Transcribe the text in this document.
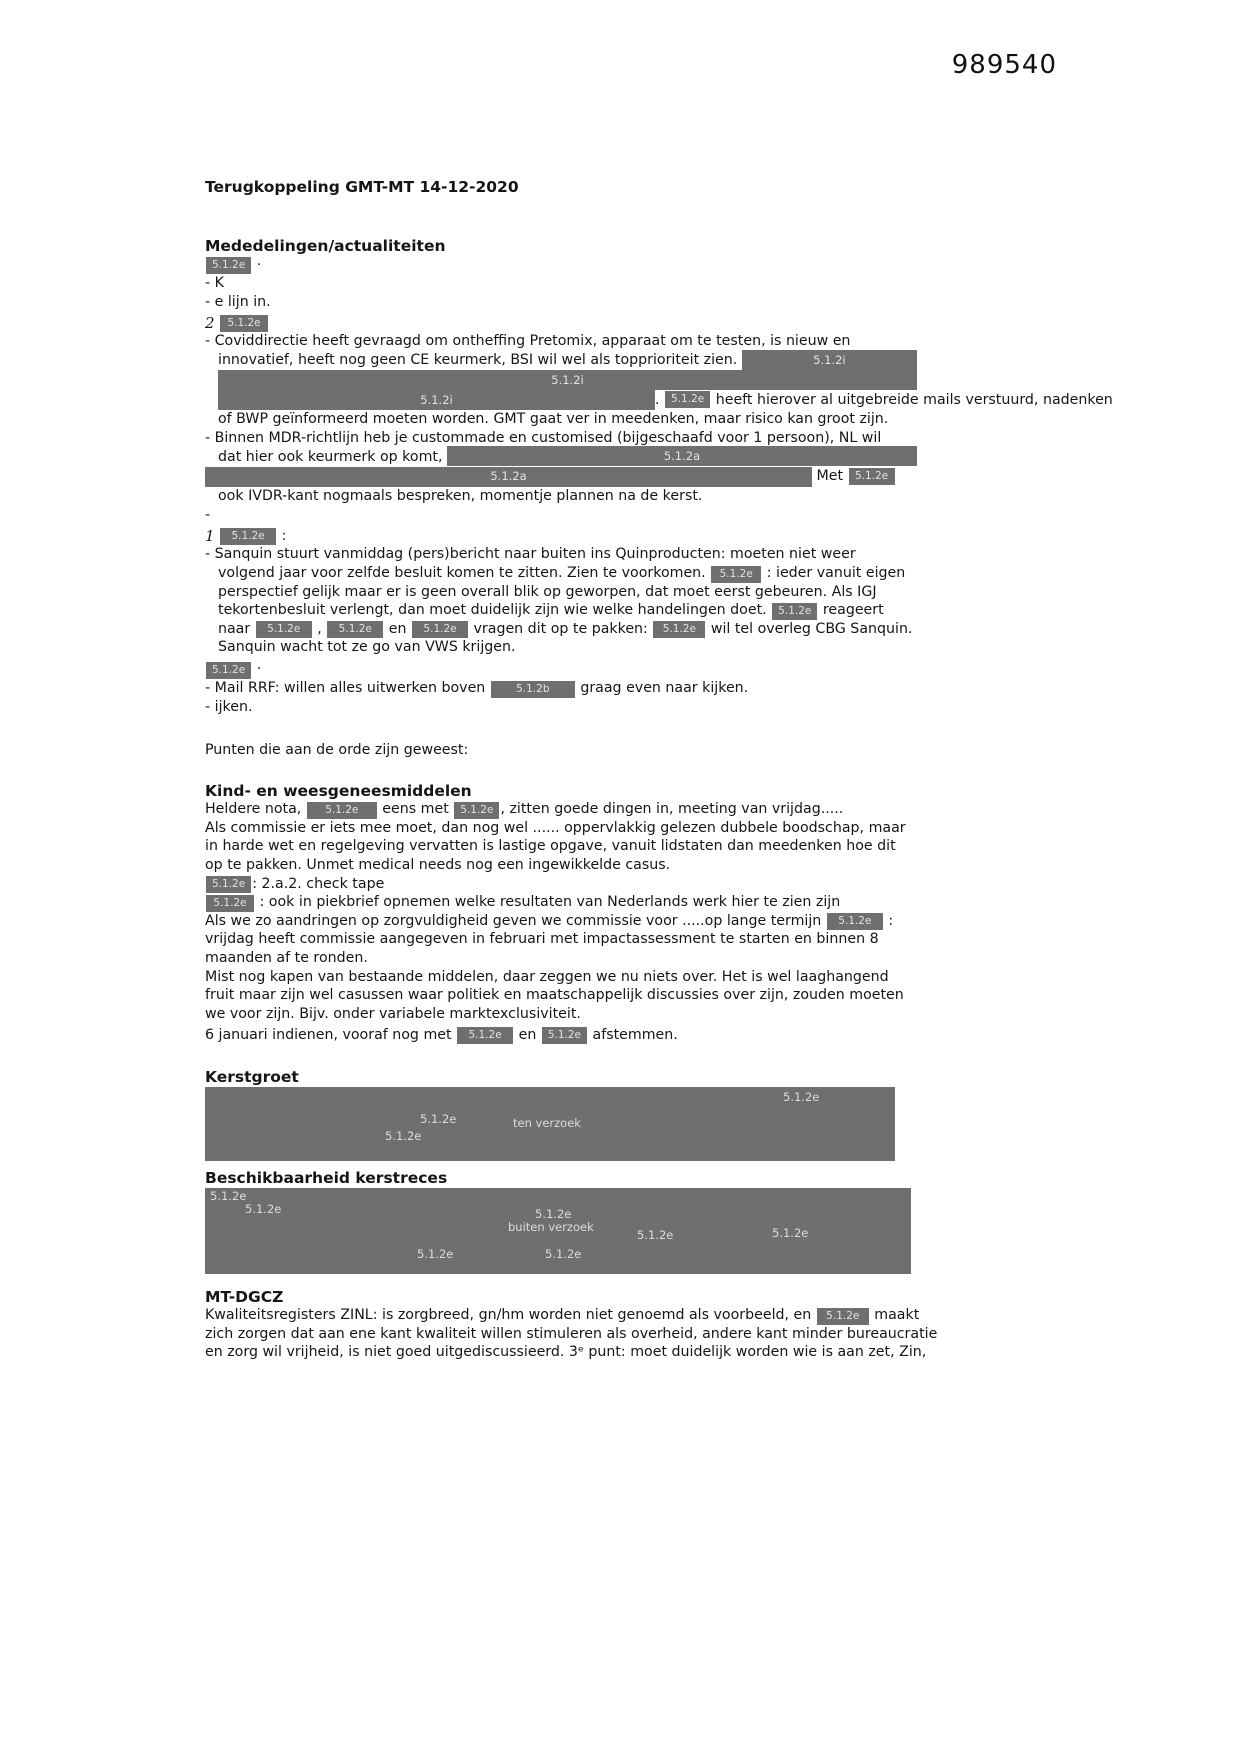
989540
Terugkoppeling GMT-MT 14-12-2020
Mededelingen/actualiteiten
5.1.2e ·
- K
- e lijn in.
2
	5.1.2e
- Coviddirectie heeft gevraagd om ontheffing Pretomix, apparaat om te testen, is nieuw en
innovatief, heeft nog geen CE keurmerk, BSI wil wel als topprioriteit zien.	5.1.2i
5.1.2i
5.1.2i	. 5.1.2e heeft hierover al uitgebreide mails verstuurd, nadenken
of BWP geïnformeerd moeten worden. GMT gaat ver in meedenken, maar risico kan groot zijn.
- Binnen MDR-richtlijn heb je custommade en customised (bijgeschaafd voor 1 persoon), NL wil
dat hier ook keurmerk op komt,	5.1.2a
5.1.2a	Met 5.1.2e
ook IVDR-kant nogmaals bespreken, momentje plannen na de kerst.
-
1
	5.1.2e :
- Sanquin stuurt vanmiddag (pers)bericht naar buiten ins Quinproducten: moeten niet weer
volgend jaar voor zelfde besluit komen te zitten. Zien te voorkomen. 5.1.2e : ieder vanuit eigen
perspectief gelijk maar er is geen overall blik op geworpen, dat moet eerst gebeuren. Als IGJ
tekortenbesluit verlengt, dan moet duidelijk zijn wie welke handelingen doet. 5.1.2e reageert
naar	5.1.2e ,	5.1.2e en	5.1.2e vragen dit op te pakken: 5.1.2e wil tel overleg CBG Sanquin.
Sanquin wacht tot ze go van VWS krijgen.
5.1.2e ·
- Mail RRF: willen alles uitwerken boven	5.1.2b	graag even naar kijken.
- ijken.
Punten die aan de orde zijn geweest:
Kind- en weesgeneesmiddelen
Heldere nota,	5.1.2e	eens met 5.1.2e , zitten goede dingen in, meeting van vrijdag.....
Als commissie er iets mee moet, dan nog wel ...... oppervlakkig gelezen dubbele boodschap, maar
in harde wet en regelgeving vervatten is lastige opgave, vanuit lidstaten dan meedenken hoe dit
op te pakken. Unmet medical needs nog een ingewikkelde casus.
5.1.2e : 2.a.2. check tape
5.1.2e : ook in piekbrief opnemen welke resultaten van Nederlands werk hier te zien zijn
Als we zo aandringen op zorgvuldigheid geven we commissie voor .....op lange termijn	5.1.2e :
vrijdag heeft commissie aangegeven in februari met impactassessment te starten en binnen 8
maanden af te ronden.
Mist nog kapen van bestaande middelen, daar zeggen we nu niets over. Het is wel laaghangend
fruit maar zijn wel casussen waar politiek en maatschappelijk discussies over zijn, zouden moeten
we voor zijn. Bijv. onder variabele marktexclusiviteit.
6 januari indienen, vooraf nog met	5.1.2e en 5.1.2e afstemmen.
Kerstgroet
5.1.2e
5.1.2e	ten verzoek
5.1.2e
Beschikbaarheid kerstreces
5.1.2e
5.1.2e	5.1.2e
buiten verzoek
5.1.2e	5.1.2e
5.1.2e	5.1.2e
MT-DGCZ
Kwaliteitsregisters ZINL: is zorgbreed, gn/hm worden niet genoemd als voorbeeld, en 5.1.2e maakt
zich zorgen dat aan ene kant kwaliteit willen stimuleren als overheid, andere kant minder bureaucratie
en zorg wil vrijheid, is niet goed uitgediscussieerd. 3ᵉ punt: moet duidelijk worden wie is aan zet, Zin,
